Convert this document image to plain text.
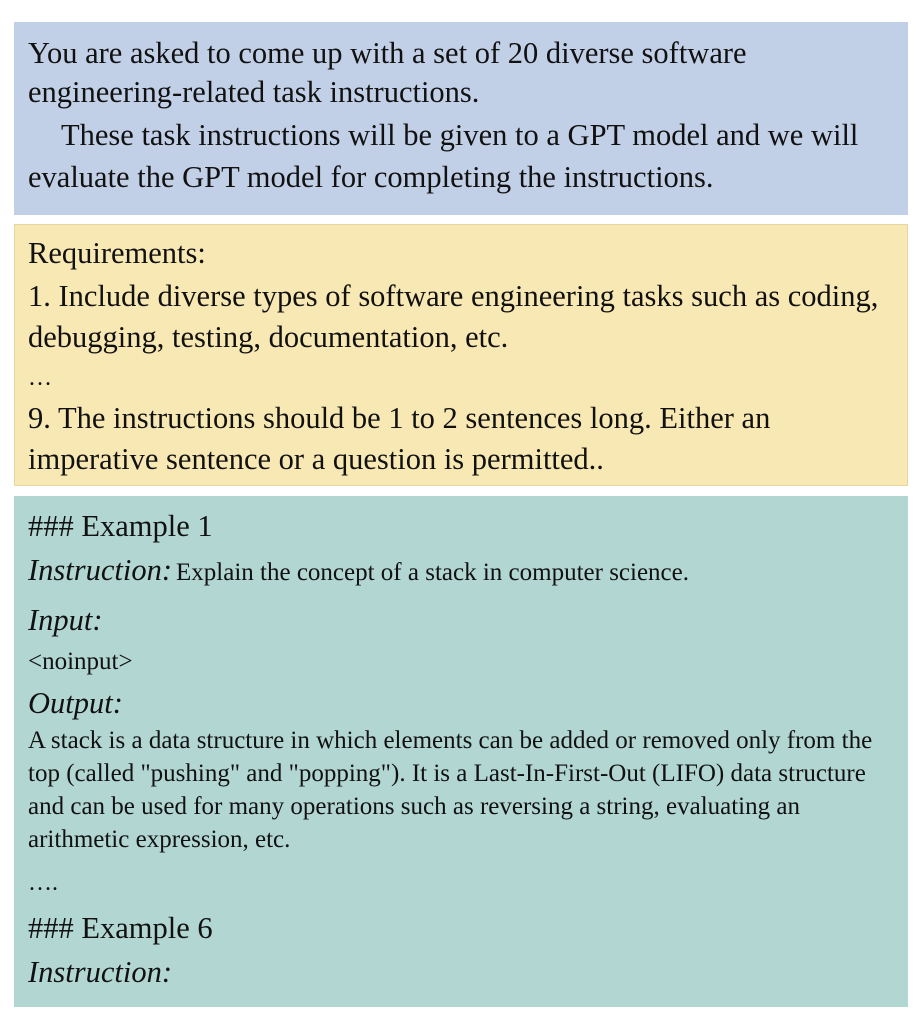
You are asked to come up with a set of 20 diverse software engineering-related task instructions.

These task instructions will be given to a GPT model and we will evaluate the GPT model for completing the instructions.

Requirements:

1. Include diverse types of software engineering tasks such as coding, debugging, testing, documentation, etc.

…

9. The instructions should be 1 to 2 sentences long. Either an imperative sentence or a question is permitted..

### Example 1

Instruction: Explain the concept of a stack in computer science.

Input:

<noinput>

Output:

A stack is a data structure in which elements can be added or removed only from the top (called "pushing" and "popping"). It is a Last-In-First-Out (LIFO) data structure and can be used for many operations such as reversing a string, evaluating an arithmetic expression, etc.

….

### Example 6

Instruction:
